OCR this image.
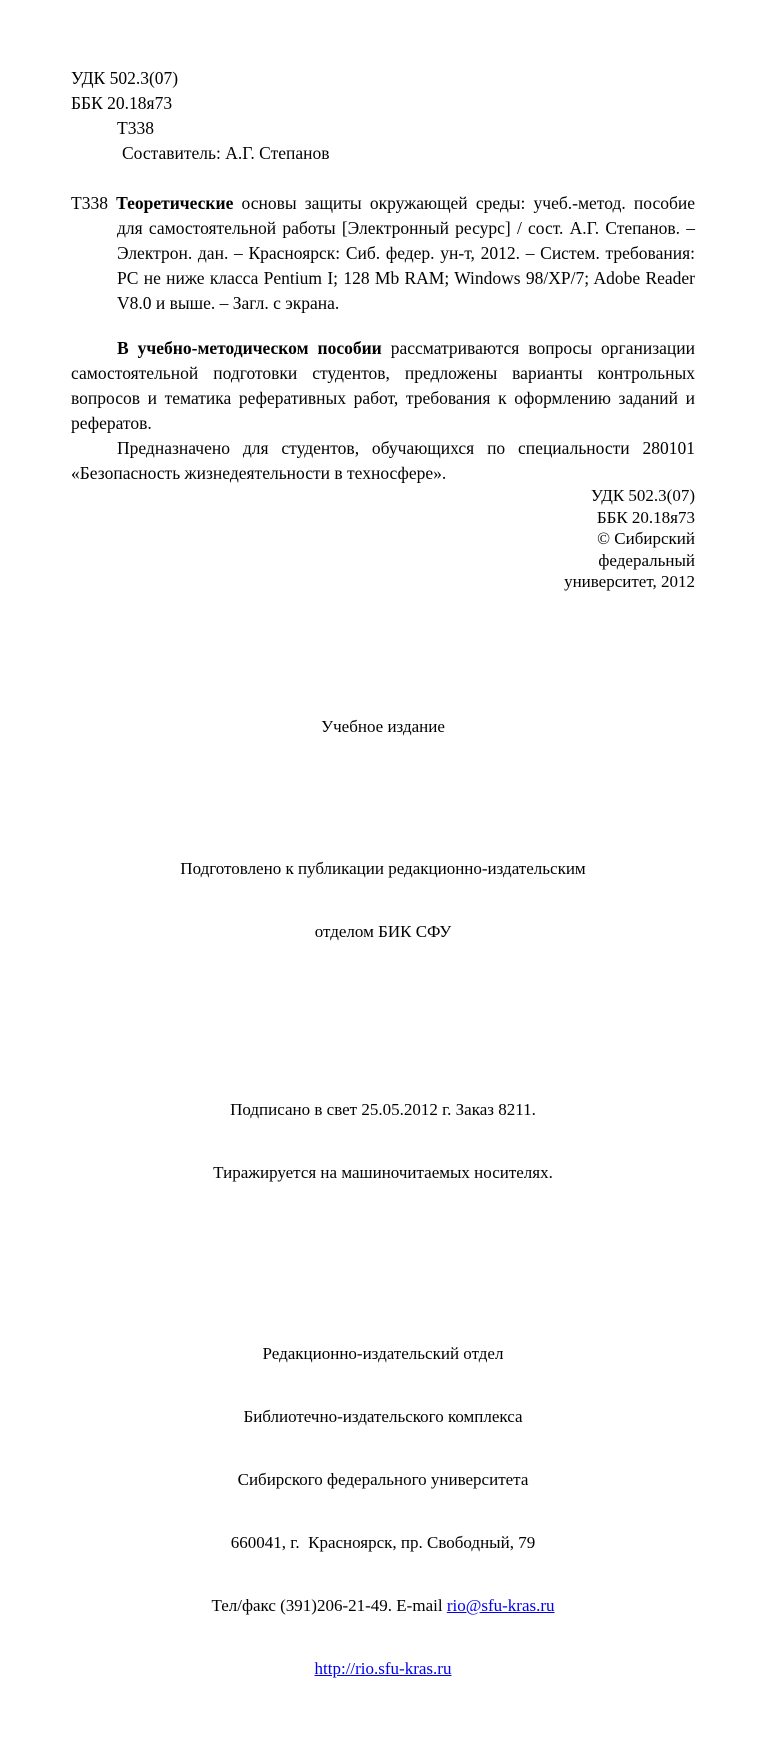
УДК 502.3(07)
ББК 20.18я73
Т338
Составитель: А.Г. Степанов

Т338 Теоретические основы защиты окружающей среды: учеб.-метод. пособие для самостоятельной работы [Электронный ресурс] / сост. А.Г. Степанов. – Электрон. дан. – Красноярск: Сиб. федер. ун-т, 2012. – Систем. требования: PC не ниже класса Pentium I; 128 Mb RAM; Windows 98/XP/7; Adobe Reader V8.0 и выше. – Загл. с экрана.

В учебно-методическом пособии рассматриваются вопросы организации самостоятельной подготовки студентов, предложены варианты контрольных вопросов и тематика реферативных работ, требования к оформлению заданий и рефератов.

Предназначено для студентов, обучающихся по специальности 280101 «Безопасность жизнедеятельности в техносфере».

УДК 502.3(07)
ББК 20.18я73
© Сибирский
федеральный
университет, 2012

Учебное издание

Подготовлено к публикации редакционно-издательским

отделом БИК СФУ

Подписано в свет 25.05.2012 г. Заказ 8211.

Тиражируется на машиночитаемых носителях.

Редакционно-издательский отдел

Библиотечно-издательского комплекса

Сибирского федерального университета

660041, г.  Красноярск, пр. Свободный, 79

Тел/факс (391)206-21-49. E-mail rio@sfu-kras.ru

http://rio.sfu-kras.ru
